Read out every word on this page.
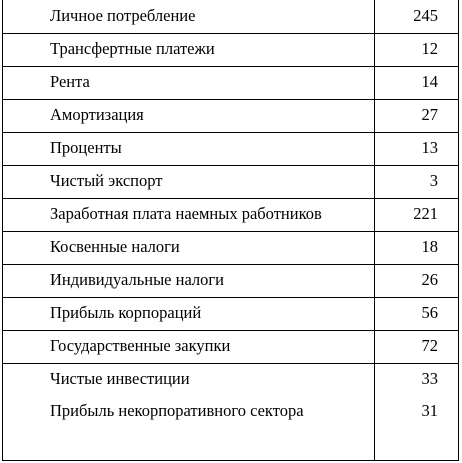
Личное потребление	245
Трансфертные платежи	12
Рента	14
Амортизация	27
Проценты	13
Чистый экспорт	3
Заработная плата наемных работников	221
Косвенные налоги	18
Индивидуальные налоги	26
Прибыль корпораций	56
Государственные закупки	72
Чистые инвестиции	33
Прибыль некорпоративного сектора	31
